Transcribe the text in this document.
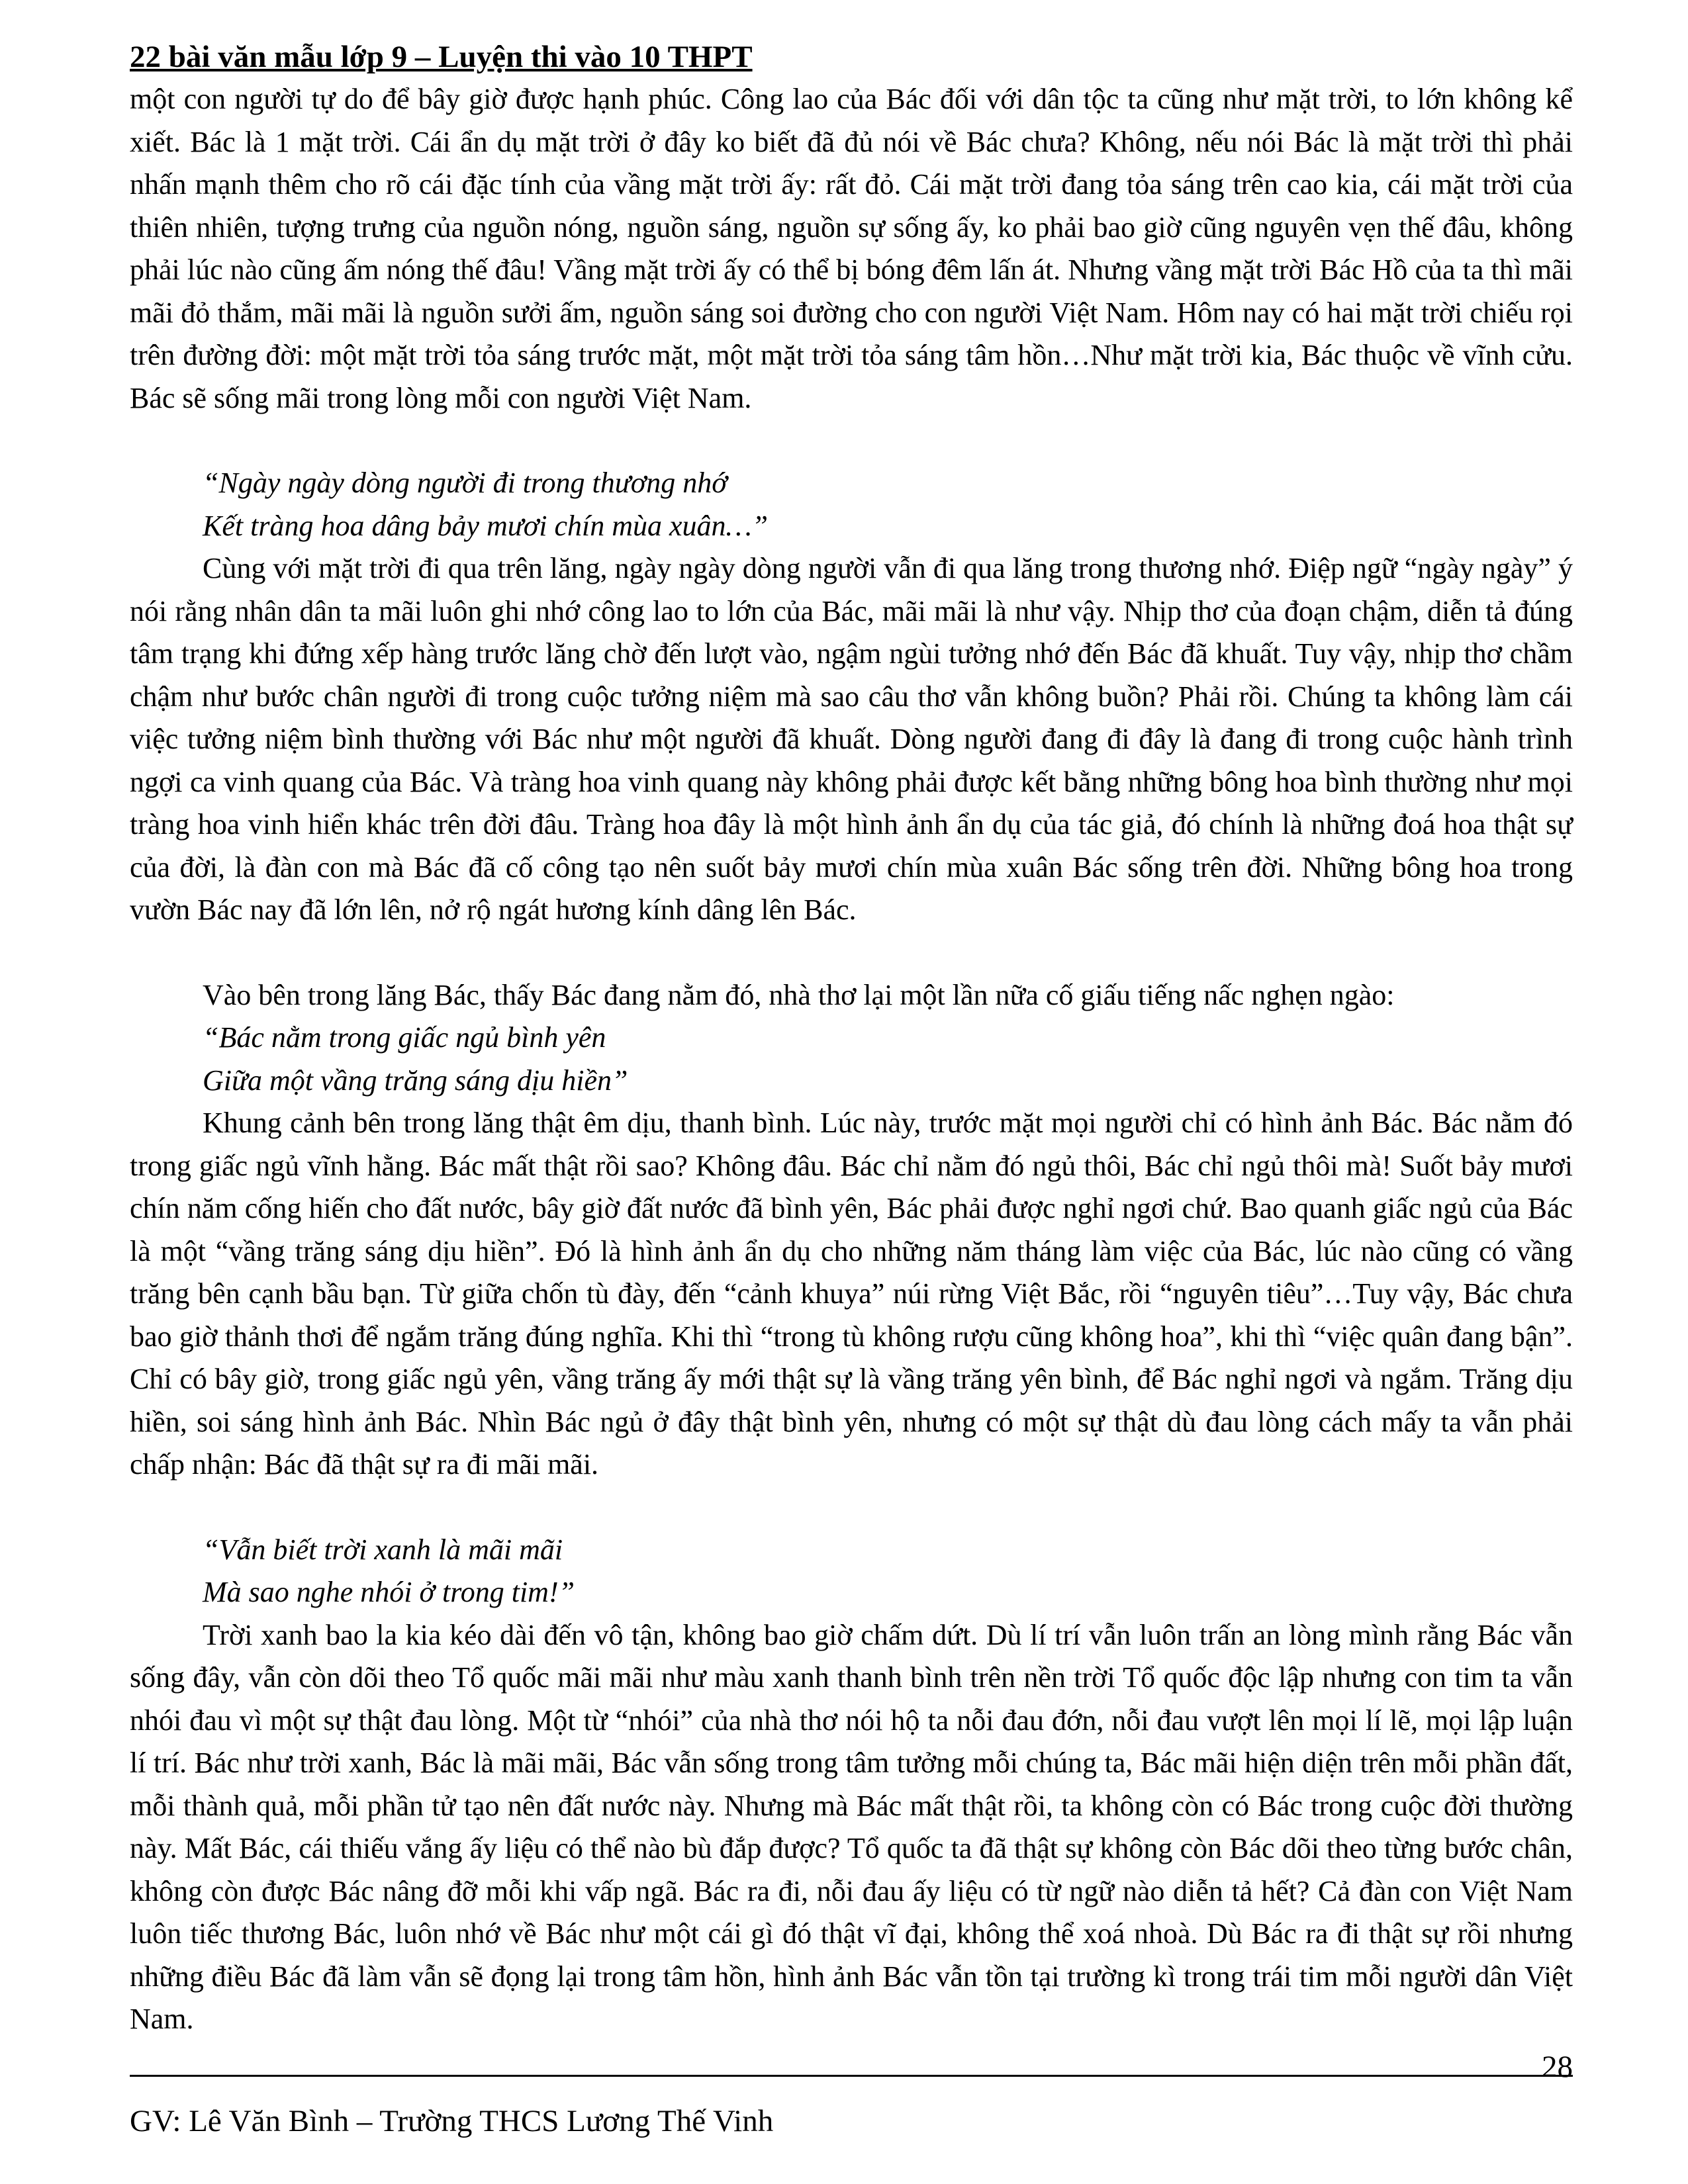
22 bài văn mẫu lớp 9 – Luyện thi vào 10 THPT

một con người tự do để bây giờ được hạnh phúc. Công lao của Bác đối với dân tộc ta cũng như mặt trời, to lớn không kể xiết. Bác là 1 mặt trời. Cái ẩn dụ mặt trời ở đây ko biết đã đủ nói về Bác chưa? Không, nếu nói Bác là mặt trời thì phải nhấn mạnh thêm cho rõ cái đặc tính của vầng mặt trời ấy: rất đỏ. Cái mặt trời đang tỏa sáng trên cao kia, cái mặt trời của thiên nhiên, tượng trưng của nguồn nóng, nguồn sáng, nguồn sự sống ấy, ko phải bao giờ cũng nguyên vẹn thế đâu, không phải lúc nào cũng ấm nóng thế đâu! Vầng mặt trời ấy có thể bị bóng đêm lấn át. Nhưng vầng mặt trời Bác Hồ của ta thì mãi mãi đỏ thắm, mãi mãi là nguồn sưởi ấm, nguồn sáng soi đường cho con người Việt Nam. Hôm nay có hai mặt trời chiếu rọi trên đường đời: một mặt trời tỏa sáng trước mặt, một mặt trời tỏa sáng tâm hồn…Như mặt trời kia, Bác thuộc về vĩnh cửu. Bác sẽ sống mãi trong lòng mỗi con người Việt Nam.

“Ngày ngày dòng người đi trong thương nhớ

Kết tràng hoa dâng bảy mươi chín mùa xuân…”

Cùng với mặt trời đi qua trên lăng, ngày ngày dòng người vẫn đi qua lăng trong thương nhớ. Điệp ngữ “ngày ngày” ý nói rằng nhân dân ta mãi luôn ghi nhớ công lao to lớn của Bác, mãi mãi là như vậy. Nhịp thơ của đoạn chậm, diễn tả đúng tâm trạng khi đứng xếp hàng trước lăng chờ đến lượt vào, ngậm ngùi tưởng nhớ đến Bác đã khuất. Tuy vậy, nhịp thơ chầm chậm như bước chân người đi trong cuộc tưởng niệm mà sao câu thơ vẫn không buồn? Phải rồi. Chúng ta không làm cái việc tưởng niệm bình thường với Bác như một người đã khuất. Dòng người đang đi đây là đang đi trong cuộc hành trình ngợi ca vinh quang của Bác. Và tràng hoa vinh quang này không phải được kết bằng những bông hoa bình thường như mọi tràng hoa vinh hiển khác trên đời đâu. Tràng hoa đây là một hình ảnh ẩn dụ của tác giả, đó chính là những đoá hoa thật sự của đời, là đàn con mà Bác đã cố công tạo nên suốt bảy mươi chín mùa xuân Bác sống trên đời. Những bông hoa trong vườn Bác nay đã lớn lên, nở rộ ngát hương kính dâng lên Bác.

Vào bên trong lăng Bác, thấy Bác đang nằm đó, nhà thơ lại một lần nữa cố giấu tiếng nấc nghẹn ngào:

“Bác nằm trong giấc ngủ bình yên

Giữa một vầng trăng sáng dịu hiền”

Khung cảnh bên trong lăng thật êm dịu, thanh bình. Lúc này, trước mặt mọi người chỉ có hình ảnh Bác. Bác nằm đó trong giấc ngủ vĩnh hằng. Bác mất thật rồi sao? Không đâu. Bác chỉ nằm đó ngủ thôi, Bác chỉ ngủ thôi mà! Suốt bảy mươi chín năm cống hiến cho đất nước, bây giờ đất nước đã bình yên, Bác phải được nghỉ ngơi chứ. Bao quanh giấc ngủ của Bác là một “vầng trăng sáng dịu hiền”. Đó là hình ảnh ẩn dụ cho những năm tháng làm việc của Bác, lúc nào cũng có vầng trăng bên cạnh bầu bạn. Từ giữa chốn tù đày, đến “cảnh khuya” núi rừng Việt Bắc, rồi “nguyên tiêu”…Tuy vậy, Bác chưa bao giờ thảnh thơi để ngắm trăng đúng nghĩa. Khi thì “trong tù không rượu cũng không hoa”, khi thì “việc quân đang bận”. Chỉ có bây giờ, trong giấc ngủ yên, vầng trăng ấy mới thật sự là vầng trăng yên bình, để Bác nghỉ ngơi và ngắm. Trăng dịu hiền, soi sáng hình ảnh Bác. Nhìn Bác ngủ ở đây thật bình yên, nhưng có một sự thật dù đau lòng cách mấy ta vẫn phải chấp nhận: Bác đã thật sự ra đi mãi mãi.

“Vẫn biết trời xanh là mãi mãi

Mà sao nghe nhói ở trong tim!”

Trời xanh bao la kia kéo dài đến vô tận, không bao giờ chấm dứt. Dù lí trí vẫn luôn trấn an lòng mình rằng Bác vẫn sống đây, vẫn còn dõi theo Tổ quốc mãi mãi như màu xanh thanh bình trên nền trời Tổ quốc độc lập nhưng con tim ta vẫn nhói đau vì một sự thật đau lòng. Một từ “nhói” của nhà thơ nói hộ ta nỗi đau đớn, nỗi đau vượt lên mọi lí lẽ, mọi lập luận lí trí. Bác như trời xanh, Bác là mãi mãi, Bác vẫn sống trong tâm tưởng mỗi chúng ta, Bác mãi hiện diện trên mỗi phần đất, mỗi thành quả, mỗi phần tử tạo nên đất nước này. Nhưng mà Bác mất thật rồi, ta không còn có Bác trong cuộc đời thường này. Mất Bác, cái thiếu vắng ấy liệu có thể nào bù đắp được? Tổ quốc ta đã thật sự không còn Bác dõi theo từng bước chân, không còn được Bác nâng đỡ mỗi khi vấp ngã. Bác ra đi, nỗi đau ấy liệu có từ ngữ nào diễn tả hết? Cả đàn con Việt Nam luôn tiếc thương Bác, luôn nhớ về Bác như một cái gì đó thật vĩ đại, không thể xoá nhoà. Dù Bác ra đi thật sự rồi nhưng những điều Bác đã làm vẫn sẽ đọng lại trong tâm hồn, hình ảnh Bác vẫn tồn tại trường kì trong trái tim mỗi người dân Việt Nam.

28
GV: Lê Văn Bình – Trường THCS Lương Thế Vinh
